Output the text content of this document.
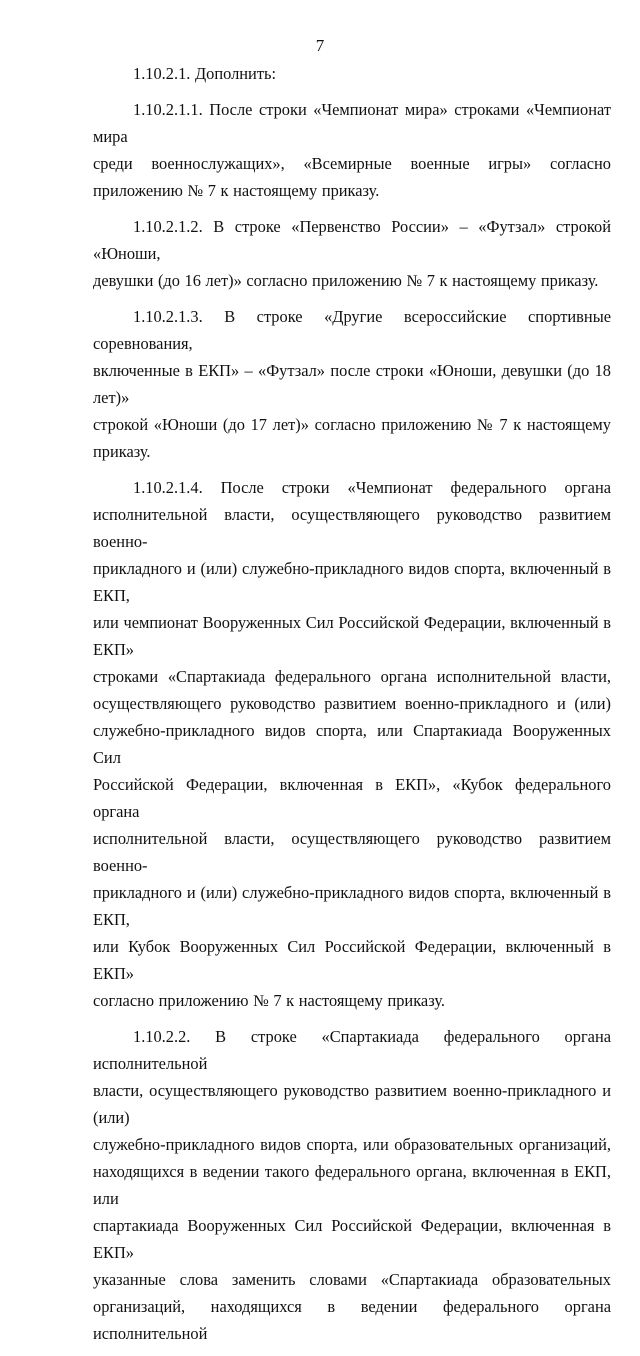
7

1.10.2.1. Дополнить:

1.10.2.1.1. После строки «Чемпионат мира» строками «Чемпионат мира
среди военнослужащих», «Всемирные военные игры» согласно
приложению № 7 к настоящему приказу.

1.10.2.1.2. В строке «Первенство России» – «Футзал» строкой «Юноши,
девушки (до 16 лет)» согласно приложению № 7 к настоящему приказу.

1.10.2.1.3. В строке «Другие всероссийские спортивные соревнования,
включенные в ЕКП» – «Футзал» после строки «Юноши, девушки (до 18 лет)»
строкой «Юноши (до 17 лет)» согласно приложению № 7 к настоящему
приказу.

1.10.2.1.4. После строки «Чемпионат федерального органа
исполнительной власти, осуществляющего руководство развитием военно-
прикладного и (или) служебно-прикладного видов спорта, включенный в ЕКП,
или чемпионат Вооруженных Сил Российской Федерации, включенный в ЕКП»
строками «Спартакиада федерального органа исполнительной власти,
осуществляющего руководство развитием военно-прикладного и (или)
служебно-прикладного видов спорта, или Спартакиада Вооруженных Сил
Российской Федерации, включенная в ЕКП», «Кубок федерального органа
исполнительной власти, осуществляющего руководство развитием военно-
прикладного и (или) служебно-прикладного видов спорта, включенный в ЕКП,
или Кубок Вооруженных Сил Российской Федерации, включенный в ЕКП»
согласно приложению № 7 к настоящему приказу.

1.10.2.2. В строке «Спартакиада федерального органа исполнительной
власти, осуществляющего руководство развитием военно-прикладного и (или)
служебно-прикладного видов спорта, или образовательных организаций,
находящихся в ведении такого федерального органа, включенная в ЕКП, или
спартакиада Вооруженных Сил Российской Федерации, включенная в ЕКП»
указанные слова заменить словами «Спартакиада образовательных
организаций, находящихся в ведении федерального органа исполнительной
